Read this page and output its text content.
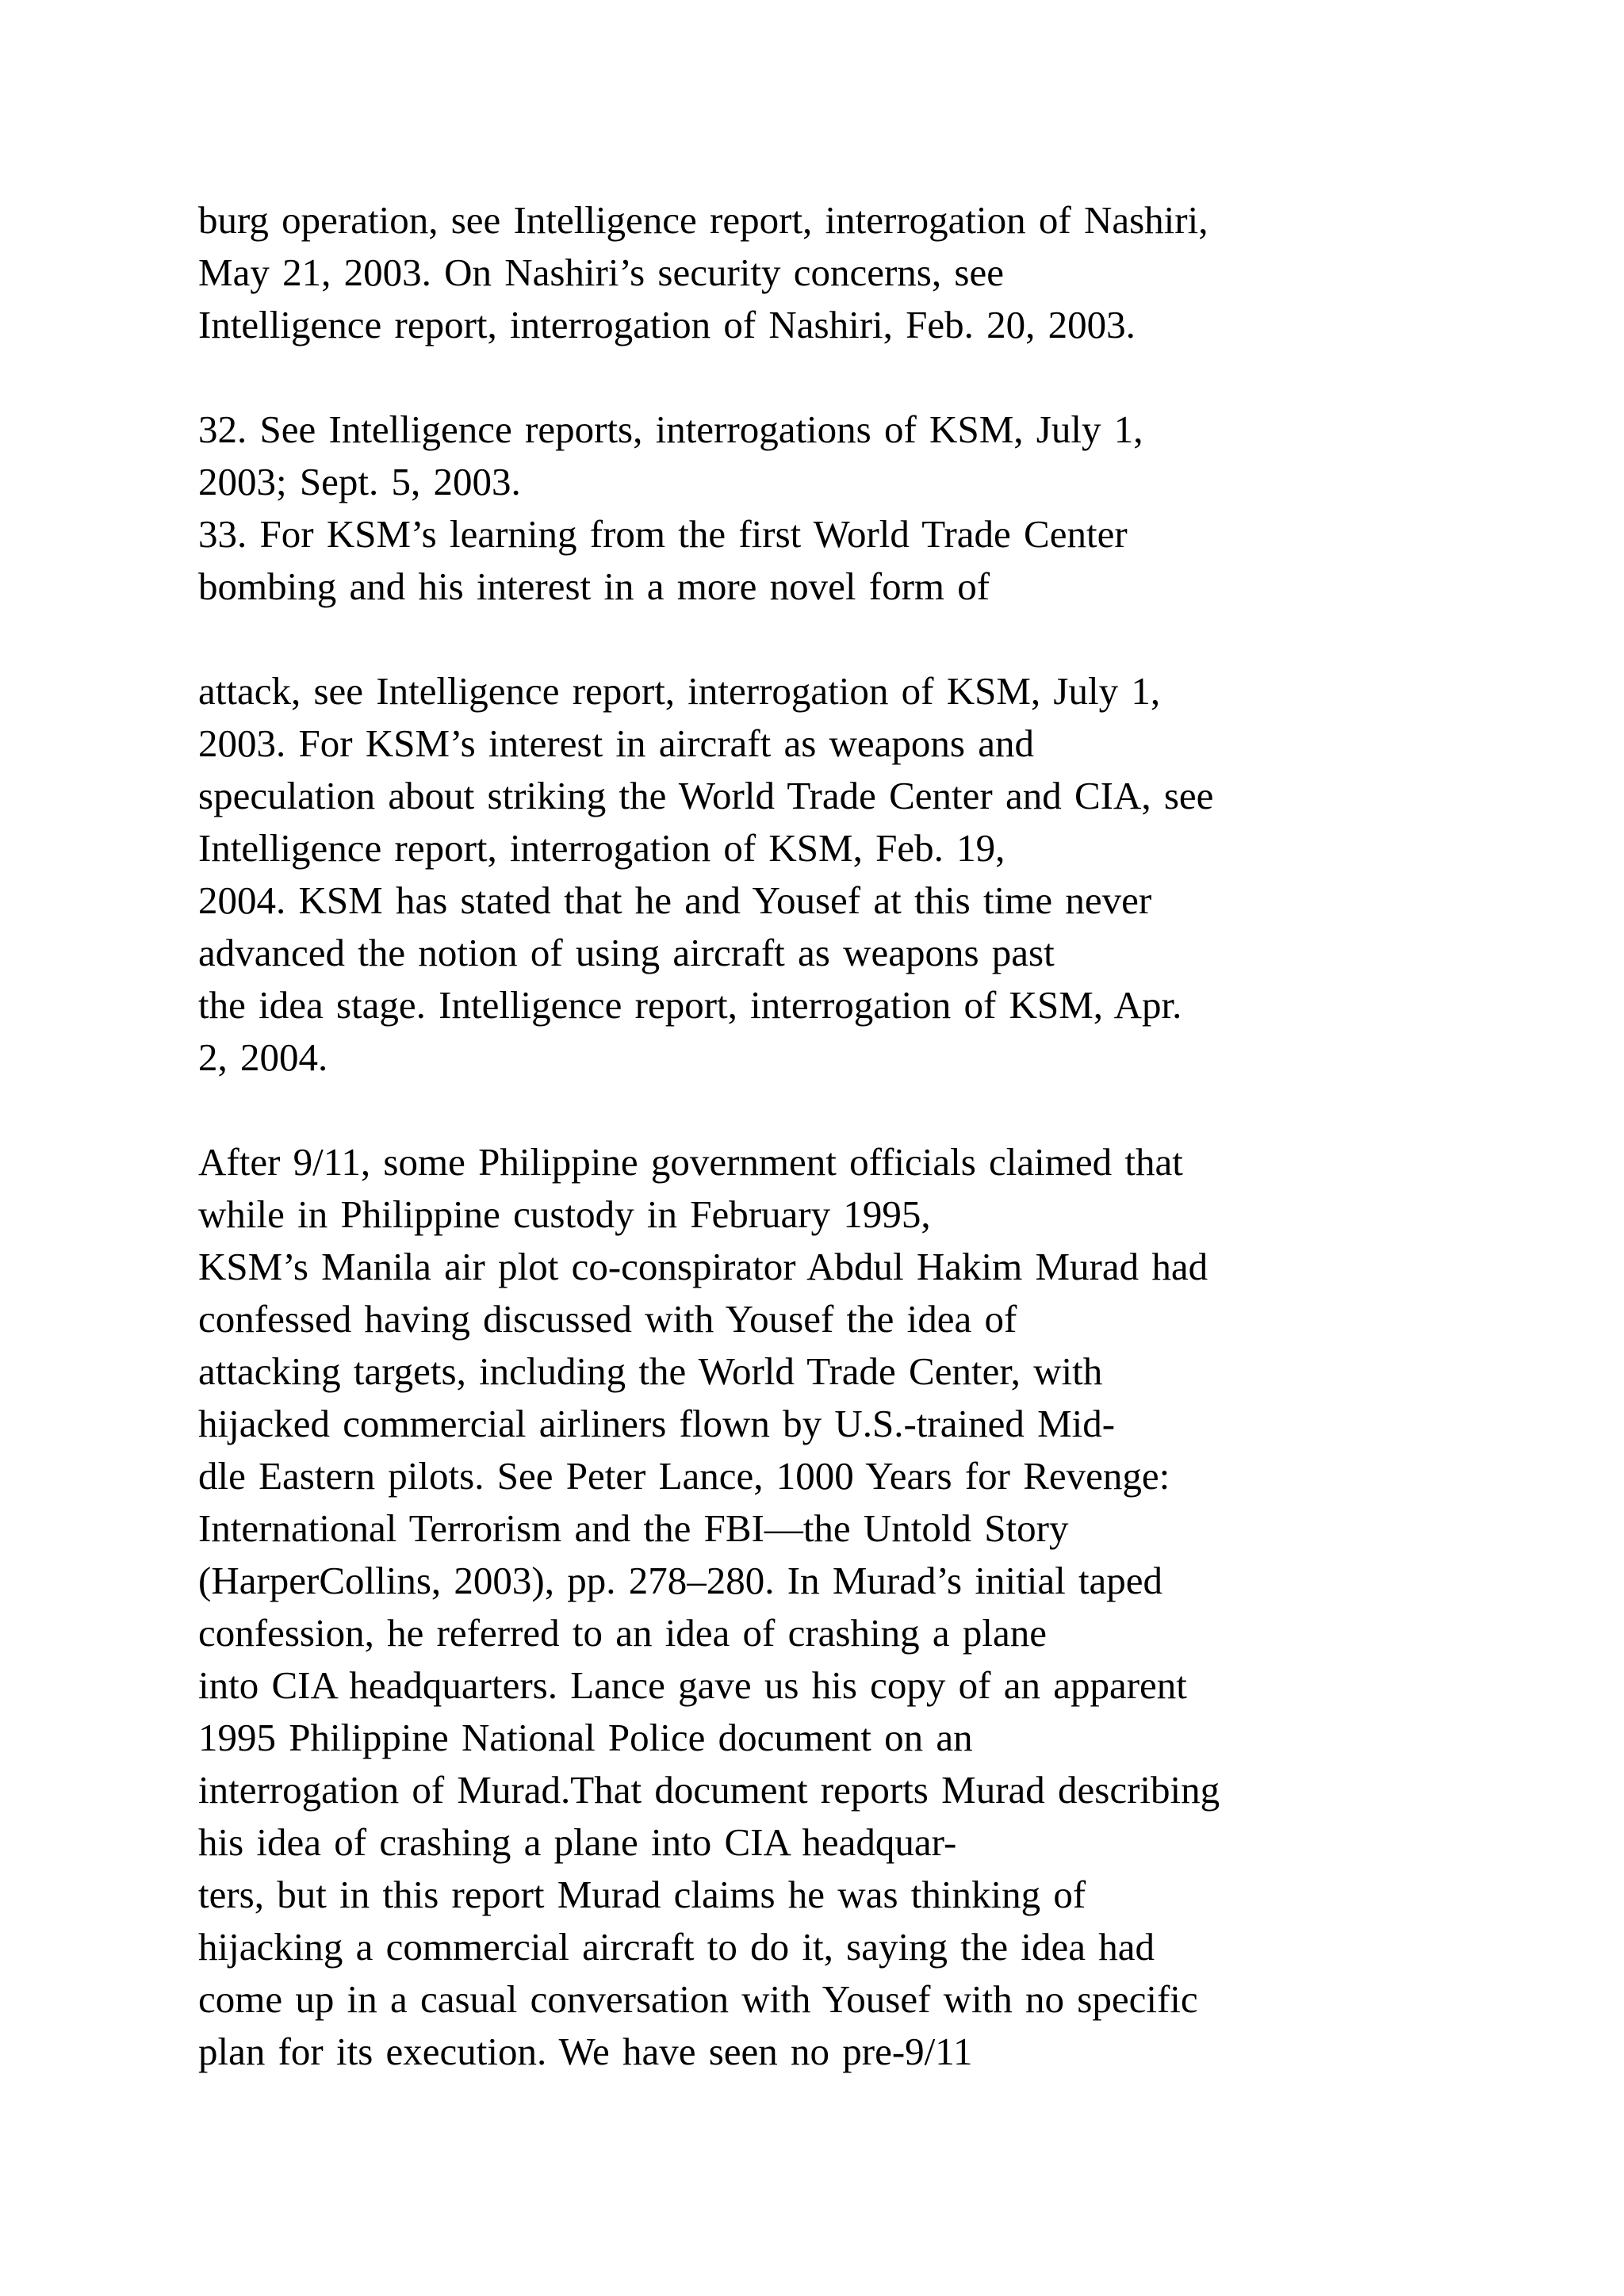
burg operation, see Intelligence report, interrogation of Nashiri,
May 21, 2003. On Nashiri’s security concerns, see
Intelligence report, interrogation of Nashiri, Feb. 20, 2003.
32. See Intelligence reports, interrogations of KSM, July 1,
2003; Sept. 5, 2003.
33. For KSM’s learning from the first World Trade Center
bombing and his interest in a more novel form of
attack, see Intelligence report, interrogation of KSM, July 1,
2003. For KSM’s interest in aircraft as weapons and
speculation about striking the World Trade Center and CIA, see
Intelligence report, interrogation of KSM, Feb. 19,
2004. KSM has stated that he and Yousef at this time never
advanced the notion of using aircraft as weapons past
the idea stage. Intelligence report, interrogation of KSM, Apr.
2, 2004.
After 9/11, some Philippine government officials claimed that
while in Philippine custody in February 1995,
KSM’s Manila air plot co-conspirator Abdul Hakim Murad had
confessed having discussed with Yousef the idea of
attacking targets, including the World Trade Center, with
hijacked commercial airliners flown by U.S.-trained Mid-
dle Eastern pilots. See Peter Lance, 1000 Years for Revenge:
International Terrorism and the FBI—the Untold Story
(HarperCollins, 2003), pp. 278–280. In Murad’s initial taped
confession, he referred to an idea of crashing a plane
into CIA headquarters. Lance gave us his copy of an apparent
1995 Philippine National Police document on an
interrogation of Murad.That document reports Murad describing
his idea of crashing a plane into CIA headquar-
ters, but in this report Murad claims he was thinking of
hijacking a commercial aircraft to do it, saying the idea had
come up in a casual conversation with Yousef with no specific
plan for its execution. We have seen no pre-9/11
